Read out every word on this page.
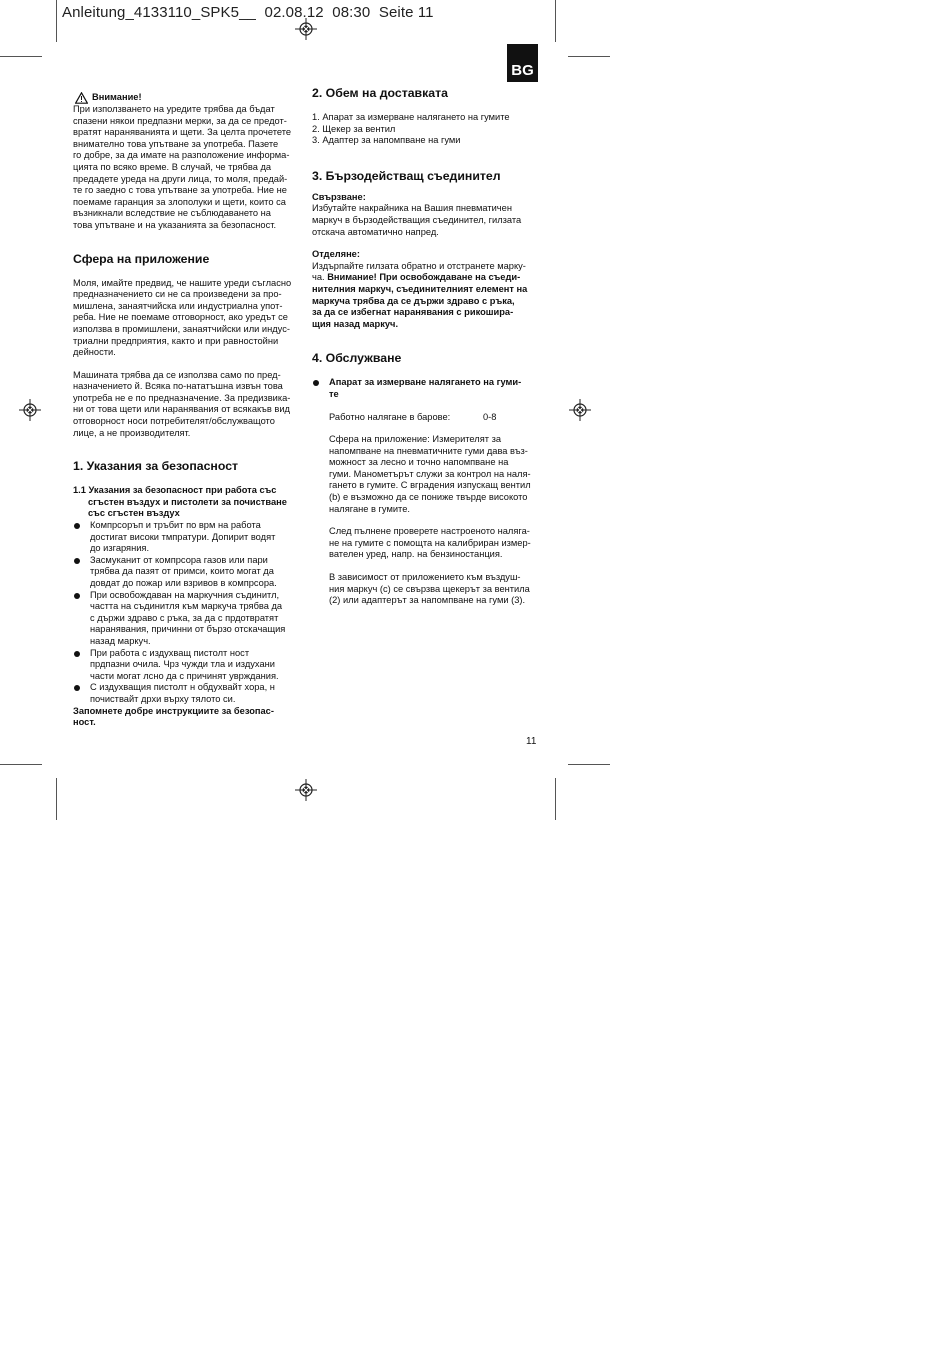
Anleitung_4133110_SPK5__ 02.08.12 08:30 Seite 11
BG
Внимание!

При използването на уредите трябва да бъдат

спазени някои предпазни мерки, за да се предот-

вратят нараняванията и щети. За целта прочетете

внимателно това упътване за употреба. Пазете

го добре, за да имате на разположение информа-

цията по всяко време. В случай, че трябва да

предадете уреда на други лица, то моля, предай-

те го заедно с това упътване за употреба. Ние не

поемаме гаранция за злополуки и щети, които са

възникнали вследствие не съблюдаването на

това упътване и на указанията за безопасност.

Сфера на приложение

Моля, имайте предвид, че нашите уреди съгласно

предназначението си не са произведени за про-

мишлена, занаятчийска или индустриална упот-

реба. Ние не поемаме отговорност, ако уредът се

използва в промишлени, занаятчийски или индус-

триални предприятия, както и при равностойни

дейности.

Машината трябва да се използва само по пред-

назначението й. Всяка по-нататъшна извън това

употреба не е по предназначение. За предизвика-

ни от това щети или наранявания от всякакъв вид

отговорност носи потребителят/обслужващото

лице, а не производителят.

1. Указания за безопасност

1.1 Указания за безопасност при работа със

сгъстен въздух и пистолети за почистване

със сгъстен въздух

Компрсоръп и тръбит по врм на работа

достигат високи тмпратури. Допирит водят

до изгаряния.

Засмуканит от компрсора газов или пари

трябва да пазят от примси, които могат да

довдат до пожар или взривов в компрсора.

При освобождаван на маркучния съдинитл,

частта на съдинитля към маркуча трябва да

с държи здраво с ръка, за да с прдотвратят

наранявания, причинни от бързо отскачащия

назад маркуч.

При работа с издухващ пистолт ност

прдпазни очила. Чрз чужди тла и издухани

части могат лсно да с причинят уврждания.

С издухващия пистолт н обдухвайт хора, н

почиствайт дрхи върху тялото си.

Запомнете добре инструкциите за безопас-

ност.

2. Обем на доставката

1. Апарат за измерване налягането на гумите

2. Щекер за вентил

3. Адаптер за напомпване на гуми

3. Бързодействащ съединител

Свързване:

Избутайте накрайника на Вашия пневматичен

маркуч в бързодействащия съединител, гилзата

отскача автоматично напред.

Отделяне:

Издърпайте гилзата обратно и отстранете марку-

ча. Внимание! При освобождаване на съеди-

нителния маркуч, съединителният елемент на

маркуча трябва да се държи здраво с ръка,

за да се избегнат наранявания с рикошира-

щия назад маркуч.

4. Обслужване

Апарат за измерване налягането на гуми-

те

Работно налягане в барове:	0-8

Сфера на приложение: Измерителят за

напомпване на пневматичните гуми дава въз-

можност за лесно и точно напомпване на

гуми. Манометърът служи за контрол на наля-

гането в гумите. С вградения изпускащ вентил

(b) е възможно да се пониже твърде високото

налягане в гумите.

След пълнене проверете настроеното наляга-

не на гумите с помощта на калибриран измер-

вателен уред, напр. на бензиностанция.

В зависимост от приложението към въздуш-

ния маркуч (c) се свързва щекерът за вентила

(2) или адаптерът за напомпване на гуми (3).

11
